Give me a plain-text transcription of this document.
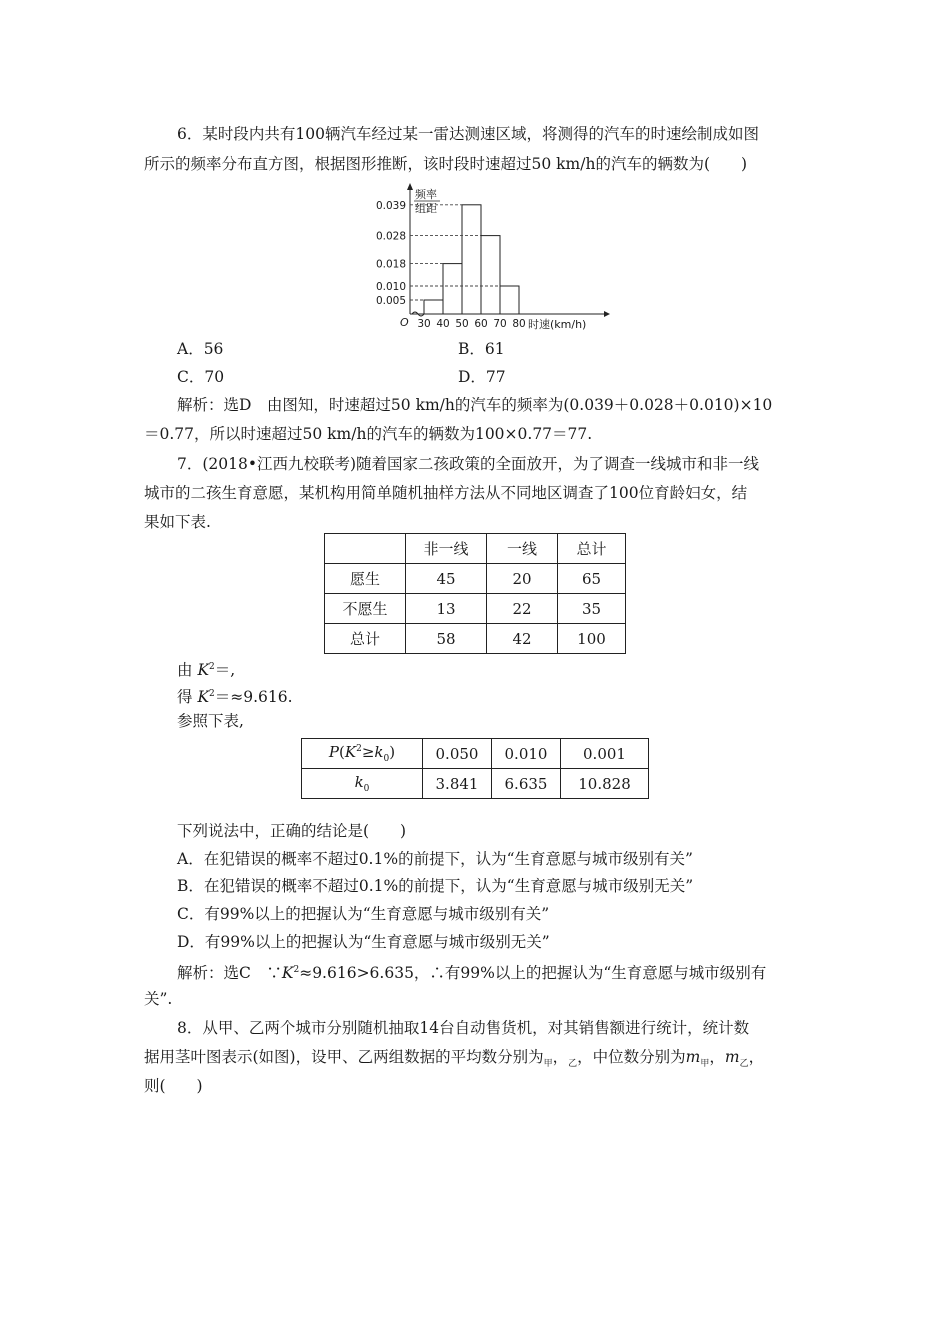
6．某时段内共有100辆汽车经过某一雷达测速区域，将测得的汽车的时速绘制成如图
所示的频率分布直方图，根据图形推断，该时段时速超过50 km/h的汽车的辆数为(　　)
0.039
0.028
0.018
0.010
0.005
30 40 50 60 70 80
O	时速(km/h)
频率
组距
A．56	B．61
C．70	D．77
解析：选D　由图知，时速超过50 km/h的汽车的频率为(0.039＋0.028＋0.010)×10
＝0.77，所以时速超过50 km/h的汽车的辆数为100×0.77＝77.
7．(2018•江西九校联考)随着国家二孩政策的全面放开，为了调查一线城市和非一线
城市的二孩生育意愿，某机构用简单随机抽样方法从不同地区调查了100位育龄妇女，结
果如下表.
	非一线	一线	总计
愿生	45	20	65
不愿生	13	22	35
总计	58	42	100
由 $K^2=$,
得 $K^2=\approx 9.616$.
参照下表,
$P(K^2\ge k_0)$	0.050	0.010	0.001
$k_0$	3.841	6.635	10.828
下列说法中，正确的结论是(　　)
A．在犯错误的概率不超过0.1%的前提下，认为“生育意愿与城市级别有关”
B．在犯错误的概率不超过0.1%的前提下，认为“生育意愿与城市级别无关”
C．有99%以上的把握认为“生育意愿与城市级别有关”
D．有99%以上的把握认为“生育意愿与城市级别无关”
解析：选C　$\because K^2\approx 9.616>6.635$，∴有99%以上的把握认为“生育意愿与城市级别有
关”.
8．从甲、乙两个城市分别随机抽取14台自动售货机，对其销售额进行统计，统计数
据用茎叶图表示(如图)，设甲、乙两组数据的平均数分别为$_甲$，$_乙$，中位数分别为$m_甲$，$m_乙$，
则(　　)
